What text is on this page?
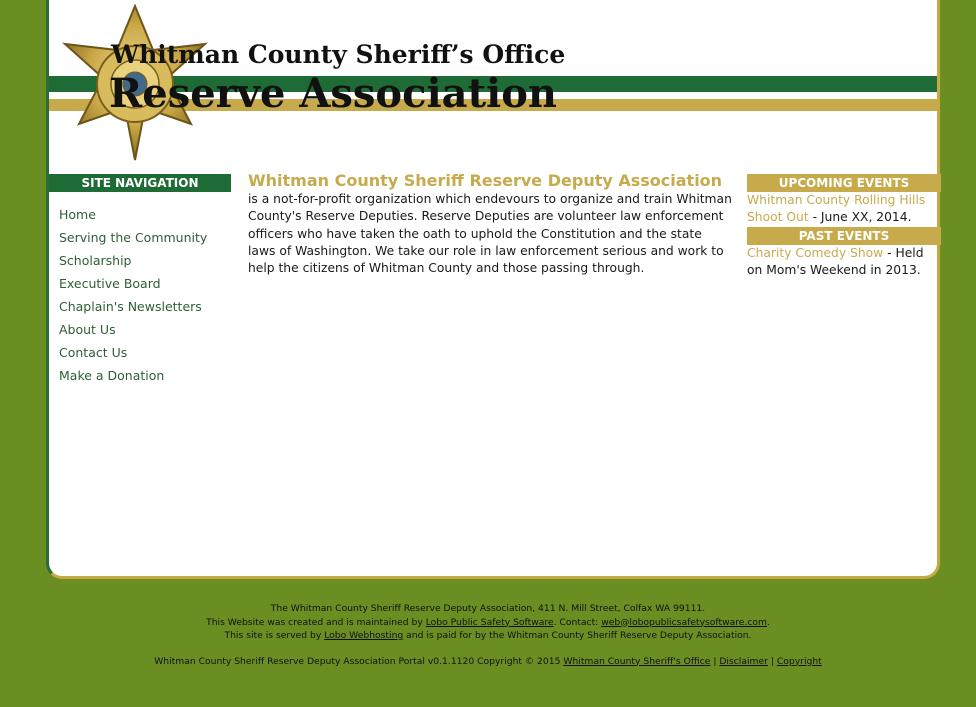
Whitman County Sheriff’s Office
Reserve Association
SITE NAVIGATION
Home
Serving the Community
Scholarship
Executive Board
Chaplain's Newsletters
About Us
Contact Us
Make a Donation
Whitman County Sheriff Reserve Deputy Association is a not-for-profit organization which endevours to organize and train Whitman County's Reserve Deputies. Reserve Deputies are volunteer law enforcement officers who have taken the oath to uphold the Constitution and the state laws of Washington. We take our role in law enforcement serious and work to help the citizens of Whitman County and those passing through.
UPCOMING EVENTS
Whitman County Rolling Hills Shoot Out - June XX, 2014.
PAST EVENTS
Charity Comedy Show - Held on Mom's Weekend in 2013.
The Whitman County Sheriff Reserve Deputy Association, 411 N. Mill Street, Colfax WA 99111.
This Website was created and is maintained by Lobo Public Safety Software. Contact: web@lobopublicsafetysoftware.com.
This site is served by Lobo Webhosting and is paid for by the Whitman County Sheriff Reserve Deputy Association.
Whitman County Sheriff Reserve Deputy Association Portal v0.1.1120 Copyright © 2015 Whitman County Sheriff's Office | Disclaimer | Copyright
